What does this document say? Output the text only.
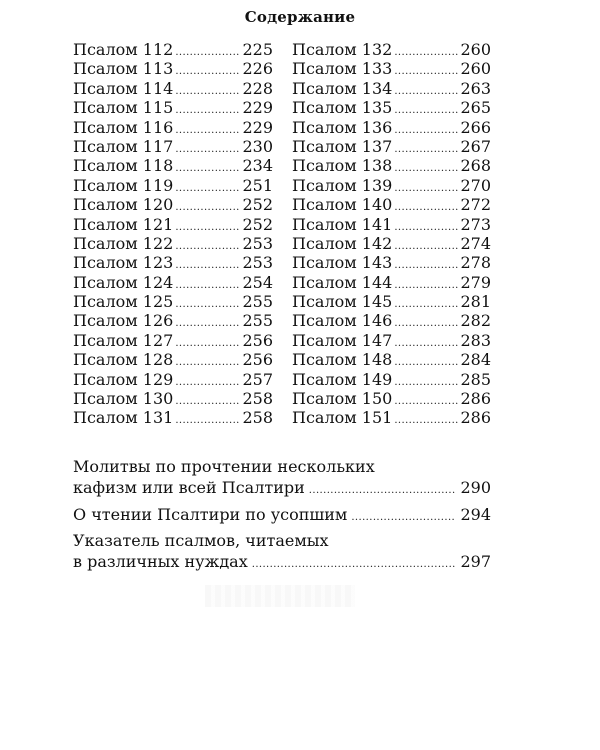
Содержание
Псалом 112 .....	225
Псалом 113 .....	226
Псалом 114 .....	228
Псалом 115 .....	229
Псалом 116 .....	229
Псалом 117 .....	230
Псалом 118 .....	234
Псалом 119 .....	251
Псалом 120 .....	252
Псалом 121 .....	252
Псалом 122 .....	253
Псалом 123 .....	253
Псалом 124 .....	254
Псалом 125 .....	255
Псалом 126 .....	255
Псалом 127 .....	256
Псалом 128 .....	256
Псалом 129 .....	257
Псалом 130 .....	258
Псалом 131 .....	258
Псалом 132 .....	260
Псалом 133 .....	260
Псалом 134 .....	263
Псалом 135 .....	265
Псалом 136 .....	266
Псалом 137 .....	267
Псалом 138 .....	268
Псалом 139 .....	270
Псалом 140 .....	272
Псалом 141 .....	273
Псалом 142 .....	274
Псалом 143 .....	278
Псалом 144 .....	279
Псалом 145 .....	281
Псалом 146 .....	282
Псалом 147 .....	283
Псалом 148 .....	284
Псалом 149 .....	285
Псалом 150 .....	286
Псалом 151 .....	286
Молитвы по прочтении нескольких
кафизм или всей Псалтири .....	290
О чтении Псалтири по усопшим .....	294
Указатель псалмов, читаемых
в различных нуждах .....	297
